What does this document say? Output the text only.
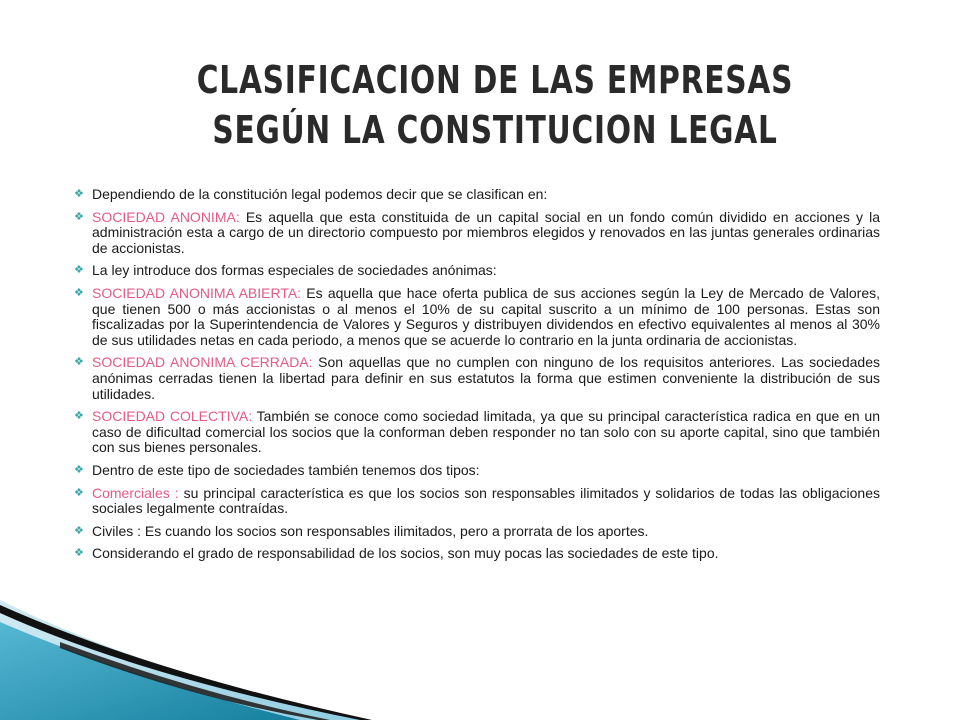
CLASIFICACION DE LAS EMPRESAS
SEGÚN LA CONSTITUCION LEGAL
❖ Dependiendo de la constitución legal podemos decir que se clasifican en:
❖ SOCIEDAD ANONIMA: Es aquella que esta constituida de un capital social en un fondo común dividido en acciones y la administración esta a cargo de un directorio compuesto por miembros elegidos y renovados en las juntas generales ordinarias de accionistas.
❖ La ley introduce dos formas especiales de sociedades anónimas:
❖ SOCIEDAD ANONIMA ABIERTA: Es aquella que hace oferta publica de sus acciones según la Ley de Mercado de Valores, que tienen 500 o más accionistas o al menos el 10% de su capital suscrito a un mínimo de 100 personas. Estas son fiscalizadas por la Superintendencia de Valores y Seguros y distribuyen dividendos en efectivo equivalentes al menos al 30% de sus utilidades netas en cada periodo, a menos que se acuerde lo contrario en la junta ordinaria de accionistas.
❖ SOCIEDAD ANONIMA CERRADA: Son aquellas que no cumplen con ninguno de los requisitos anteriores. Las sociedades anónimas cerradas tienen la libertad para definir en sus estatutos la forma que estimen conveniente la distribución de sus utilidades.
❖ SOCIEDAD COLECTIVA: También se conoce como sociedad limitada, ya que su principal característica radica en que en un caso de dificultad comercial los socios que la conforman deben responder no tan solo con su aporte capital, sino que también con sus bienes personales.
❖ Dentro de este tipo de sociedades también tenemos dos tipos:
❖ Comerciales : su principal característica es que los socios son responsables ilimitados y solidarios de todas las obligaciones sociales legalmente contraídas.
❖ Civiles : Es cuando los socios son responsables ilimitados, pero a prorrata de los aportes.
❖ Considerando el grado de responsabilidad de los socios, son muy pocas las sociedades de este tipo.
